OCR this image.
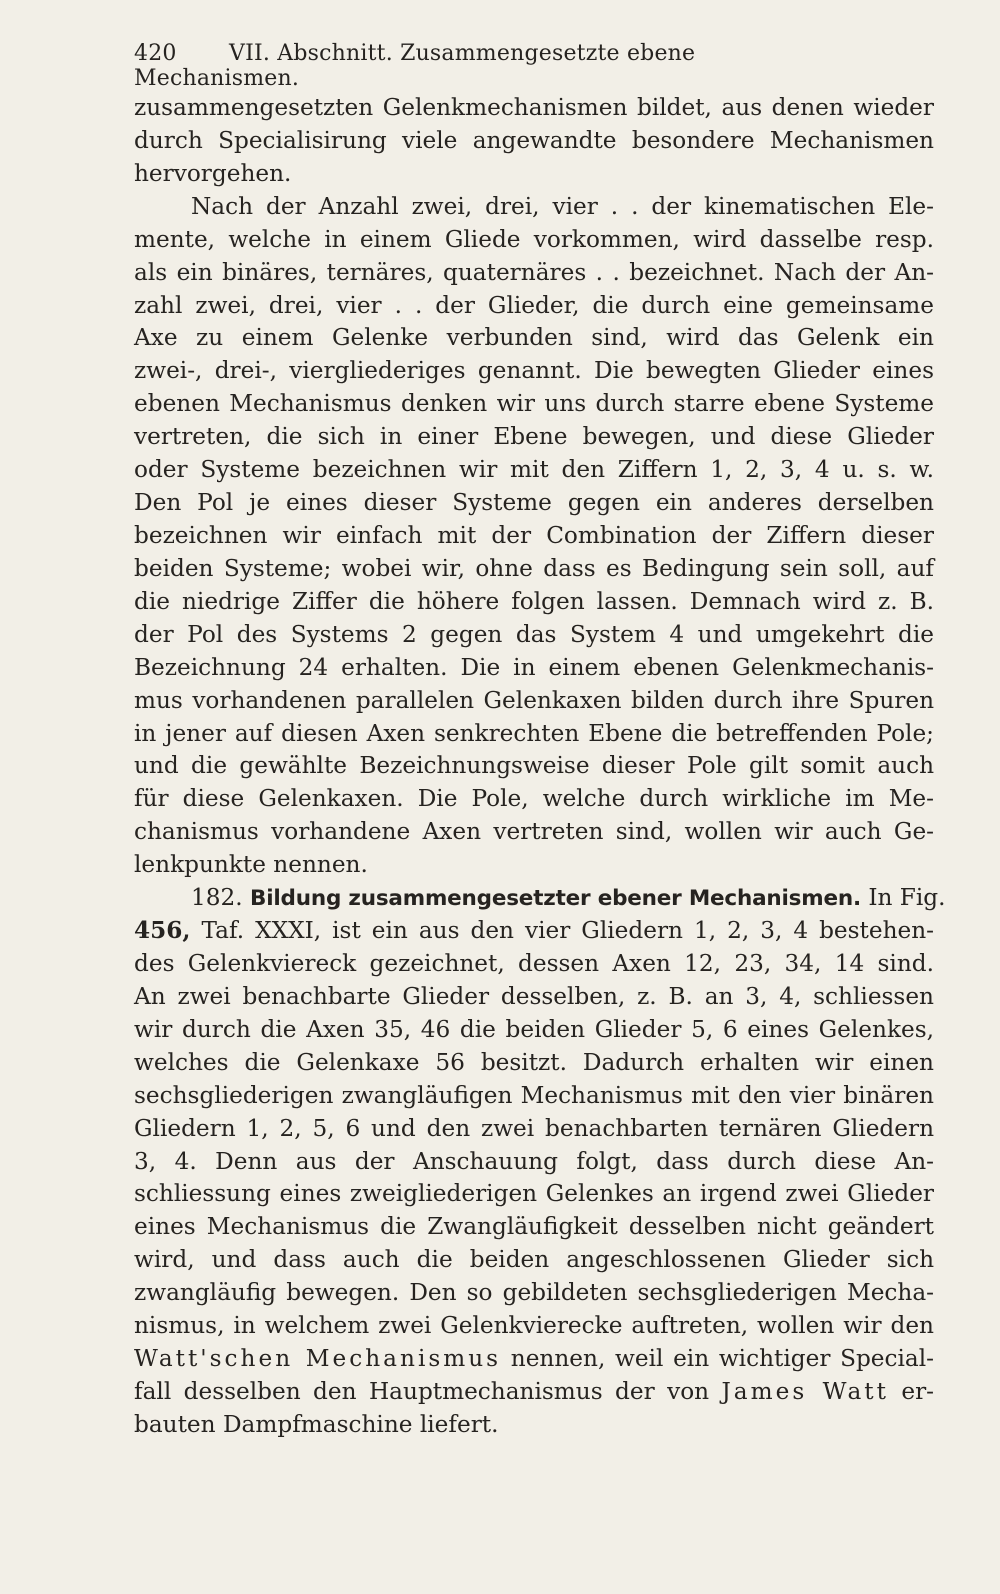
420 VII. Abschnitt. Zusammengesetzte ebene Mechanismen.
zusammengesetzten Gelenkmechanismen bildet, aus denen wieder
durch Specialisirung viele angewandte besondere Mechanismen
hervorgehen.
Nach der Anzahl zwei, drei, vier . . der kinematischen Ele-
mente, welche in einem Gliede vorkommen, wird dasselbe resp.
als ein binäres, ternäres, quaternäres . . bezeichnet. Nach der An-
zahl zwei, drei, vier . . der Glieder, die durch eine gemeinsame
Axe zu einem Gelenke verbunden sind, wird das Gelenk ein
zwei-, drei-, viergliederiges genannt. Die bewegten Glieder eines
ebenen Mechanismus denken wir uns durch starre ebene Systeme
vertreten, die sich in einer Ebene bewegen, und diese Glieder
oder Systeme bezeichnen wir mit den Ziffern 1, 2, 3, 4 u. s. w.
Den Pol je eines dieser Systeme gegen ein anderes derselben
bezeichnen wir einfach mit der Combination der Ziffern dieser
beiden Systeme; wobei wir, ohne dass es Bedingung sein soll, auf
die niedrige Ziffer die höhere folgen lassen. Demnach wird z. B.
der Pol des Systems 2 gegen das System 4 und umgekehrt die
Bezeichnung 24 erhalten. Die in einem ebenen Gelenkmechanis-
mus vorhandenen parallelen Gelenkaxen bilden durch ihre Spuren
in jener auf diesen Axen senkrechten Ebene die betreffenden Pole;
und die gewählte Bezeichnungsweise dieser Pole gilt somit auch
für diese Gelenkaxen. Die Pole, welche durch wirkliche im Me-
chanismus vorhandene Axen vertreten sind, wollen wir auch Ge-
lenkpunkte nennen.
182. Bildung zusammengesetzter ebener Mechanismen. In Fig.
456, Taf. XXXI, ist ein aus den vier Gliedern 1, 2, 3, 4 bestehen-
des Gelenkviereck gezeichnet, dessen Axen 12, 23, 34, 14 sind.
An zwei benachbarte Glieder desselben, z. B. an 3, 4, schliessen
wir durch die Axen 35, 46 die beiden Glieder 5, 6 eines Gelenkes,
welches die Gelenkaxe 56 besitzt. Dadurch erhalten wir einen
sechsgliederigen zwangläufigen Mechanismus mit den vier binären
Gliedern 1, 2, 5, 6 und den zwei benachbarten ternären Gliedern
3, 4. Denn aus der Anschauung folgt, dass durch diese An-
schliessung eines zweigliederigen Gelenkes an irgend zwei Glieder
eines Mechanismus die Zwangläufigkeit desselben nicht geändert
wird, und dass auch die beiden angeschlossenen Glieder sich
zwangläufig bewegen. Den so gebildeten sechsgliederigen Mecha-
nismus, in welchem zwei Gelenkvierecke auftreten, wollen wir den
Watt'schen Mechanismus nennen, weil ein wichtiger Special-
fall desselben den Hauptmechanismus der von James Watt er-
bauten Dampfmaschine liefert.
